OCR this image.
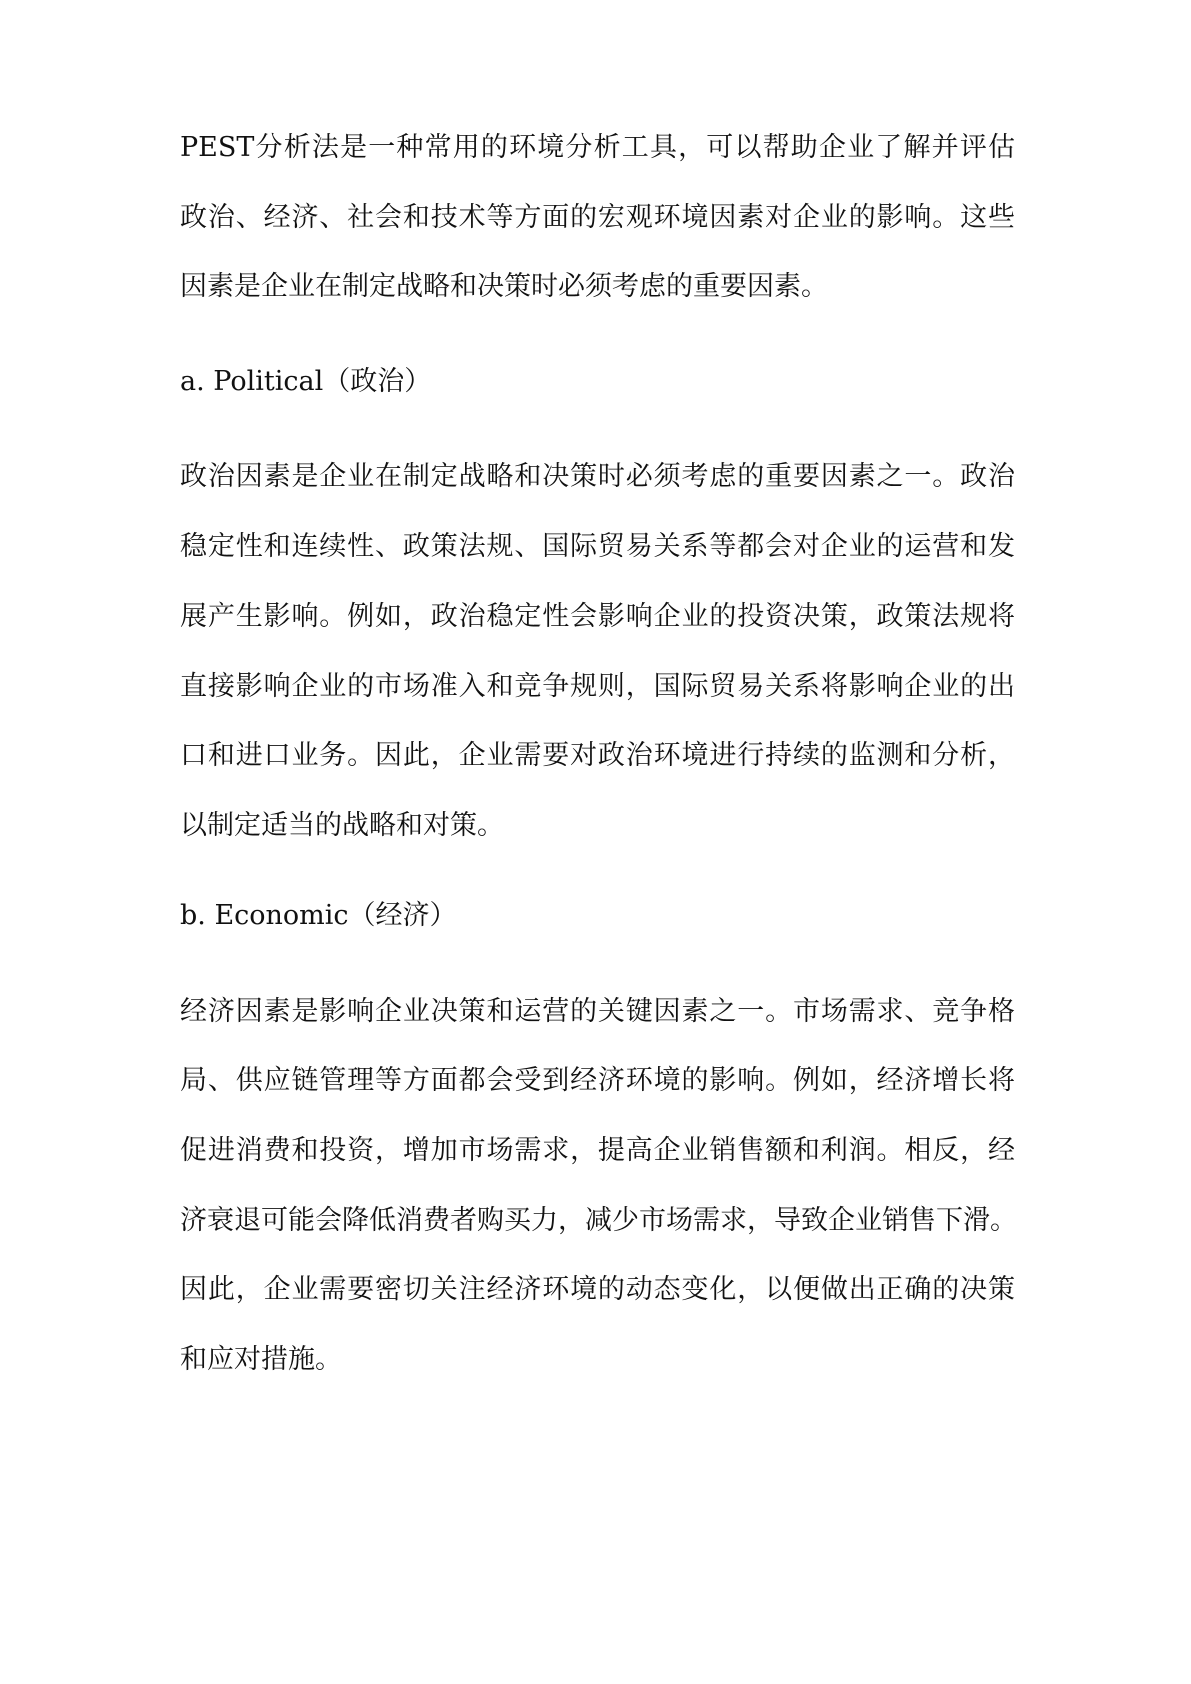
PEST分析法是一种常用的环境分析工具，可以帮助企业了解并评估
政治、经济、社会和技术等方面的宏观环境因素对企业的影响。这些
因素是企业在制定战略和决策时必须考虑的重要因素。
a. Political（政治）
政治因素是企业在制定战略和决策时必须考虑的重要因素之一。政治
稳定性和连续性、政策法规、国际贸易关系等都会对企业的运营和发
展产生影响。例如，政治稳定性会影响企业的投资决策，政策法规将
直接影响企业的市场准入和竞争规则，国际贸易关系将影响企业的出
口和进口业务。因此，企业需要对政治环境进行持续的监测和分析，
以制定适当的战略和对策。
b. Economic（经济）
经济因素是影响企业决策和运营的关键因素之一。市场需求、竞争格
局、供应链管理等方面都会受到经济环境的影响。例如，经济增长将
促进消费和投资，增加市场需求，提高企业销售额和利润。相反，经
济衰退可能会降低消费者购买力，减少市场需求，导致企业销售下滑。
因此，企业需要密切关注经济环境的动态变化，以便做出正确的决策
和应对措施。
